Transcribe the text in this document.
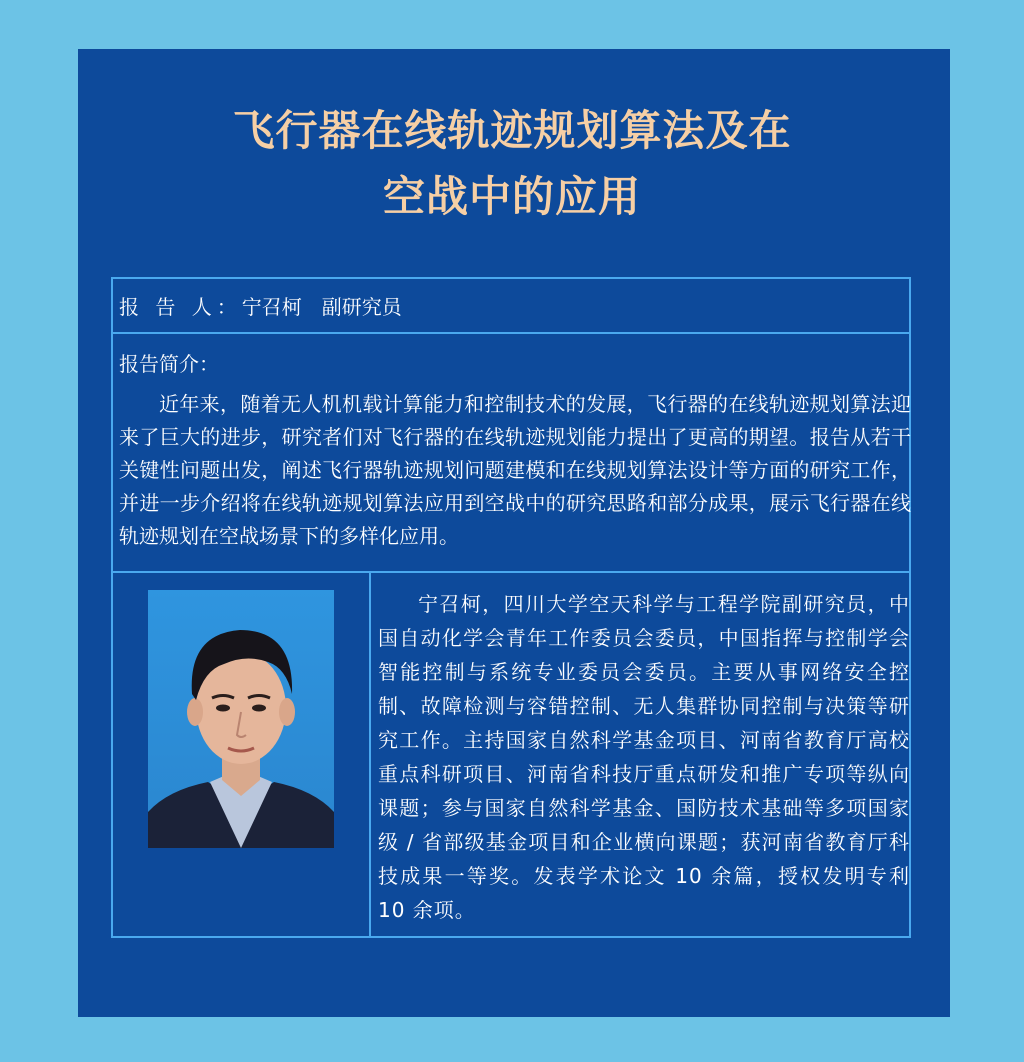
飞行器在线轨迹规划算法及在
空战中的应用
报 告 人：宁召柯 副研究员
报告简介：

近年来，随着无人机机载计算能力和控制技术的发展，飞行器的在线轨迹规划算法迎来了巨大的进步，研究者们对飞行器的在线轨迹规划能力提出了更高的期望。报告从若干关键性问题出发，阐述飞行器轨迹规划问题建模和在线规划算法设计等方面的研究工作，并进一步介绍将在线轨迹规划算法应用到空战中的研究思路和部分成果，展示飞行器在线轨迹规划在空战场景下的多样化应用。

宁召柯，四川大学空天科学与工程学院副研究员，中国自动化学会青年工作委员会委员，中国指挥与控制学会智能控制与系统专业委员会委员。主要从事网络安全控制、故障检测与容错控制、无人集群协同控制与决策等研究工作。主持国家自然科学基金项目、河南省教育厅高校重点科研项目、河南省科技厅重点研发和推广专项等纵向课题；参与国家自然科学基金、国防技术基础等多项国家级 / 省部级基金项目和企业横向课题；获河南省教育厅科技成果一等奖。发表学术论文 10 余篇，授权发明专利 10 余项。
